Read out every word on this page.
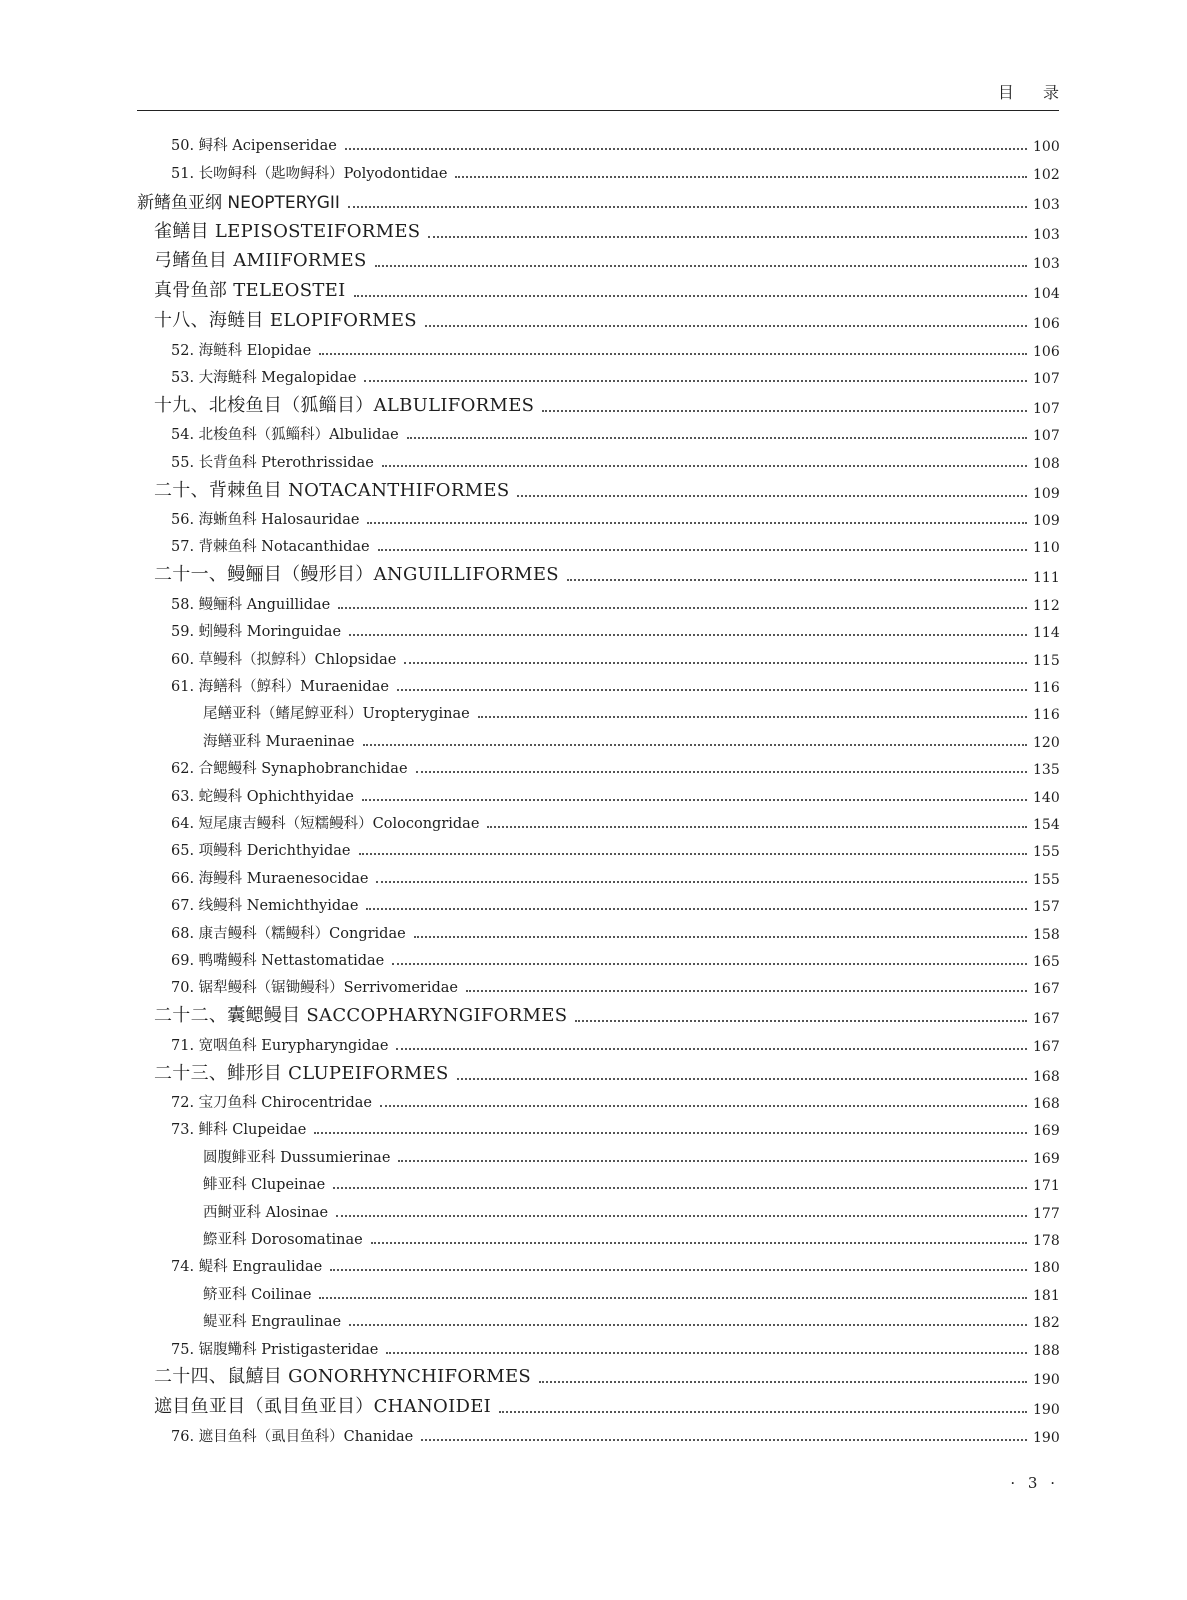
目 录
50. 鲟科 Acipenseridae	100
51. 长吻鲟科（匙吻鲟科）Polyodontidae	102
新鳍鱼亚纲 NEOPTERYGII	103
雀鳝目 LEPISOSTEIFORMES	103
弓鳍鱼目 AMIIFORMES	103
真骨鱼部 TELEOSTEI	104
十八、海鲢目 ELOPIFORMES	106
52. 海鲢科 Elopidae	106
53. 大海鲢科 Megalopidae	107
十九、北梭鱼目（狐鲻目）ALBULIFORMES	107
54. 北梭鱼科（狐鲻科）Albulidae	107
55. 长背鱼科 Pterothrissidae	108
二十、背棘鱼目 NOTACANTHIFORMES	109
56. 海蜥鱼科 Halosauridae	109
57. 背棘鱼科 Notacanthidae	110
二十一、鳗鲡目（鳗形目）ANGUILLIFORMES	111
58. 鳗鲡科 Anguillidae	112
59. 蚓鳗科 Moringuidae	114
60. 草鳗科（拟鯙科）Chlopsidae	115
61. 海鳝科（鯙科）Muraenidae	116
尾鳝亚科（鳍尾鯙亚科）Uropteryginae	116
海鳝亚科 Muraeninae	120
62. 合鳃鳗科 Synaphobranchidae	135
63. 蛇鳗科 Ophichthyidae	140
64. 短尾康吉鳗科（短糯鳗科）Colocongridae	154
65. 项鳗科 Derichthyidae	155
66. 海鳗科 Muraenesocidae	155
67. 线鳗科 Nemichthyidae	157
68. 康吉鳗科（糯鳗科）Congridae	158
69. 鸭嘴鳗科 Nettastomatidae	165
70. 锯犁鳗科（锯锄鳗科）Serrivomeridae	167
二十二、囊鳃鳗目 SACCOPHARYNGIFORMES	167
71. 宽咽鱼科 Eurypharyngidae	167
二十三、鲱形目 CLUPEIFORMES	168
72. 宝刀鱼科 Chirocentridae	168
73. 鲱科 Clupeidae	169
圆腹鲱亚科 Dussumierinae	169
鲱亚科 Clupeinae	171
西鲥亚科 Alosinae	177
鰶亚科 Dorosomatinae	178
74. 鳀科 Engraulidae	180
鲚亚科 Coilinae	181
鳀亚科 Engraulinae	182
75. 锯腹鳓科 Pristigasteridae	188
二十四、鼠鱚目 GONORHYNCHIFORMES	190
遮目鱼亚目（虱目鱼亚目）CHANOIDEI	190
76. 遮目鱼科（虱目鱼科）Chanidae	190
· 3 ·
